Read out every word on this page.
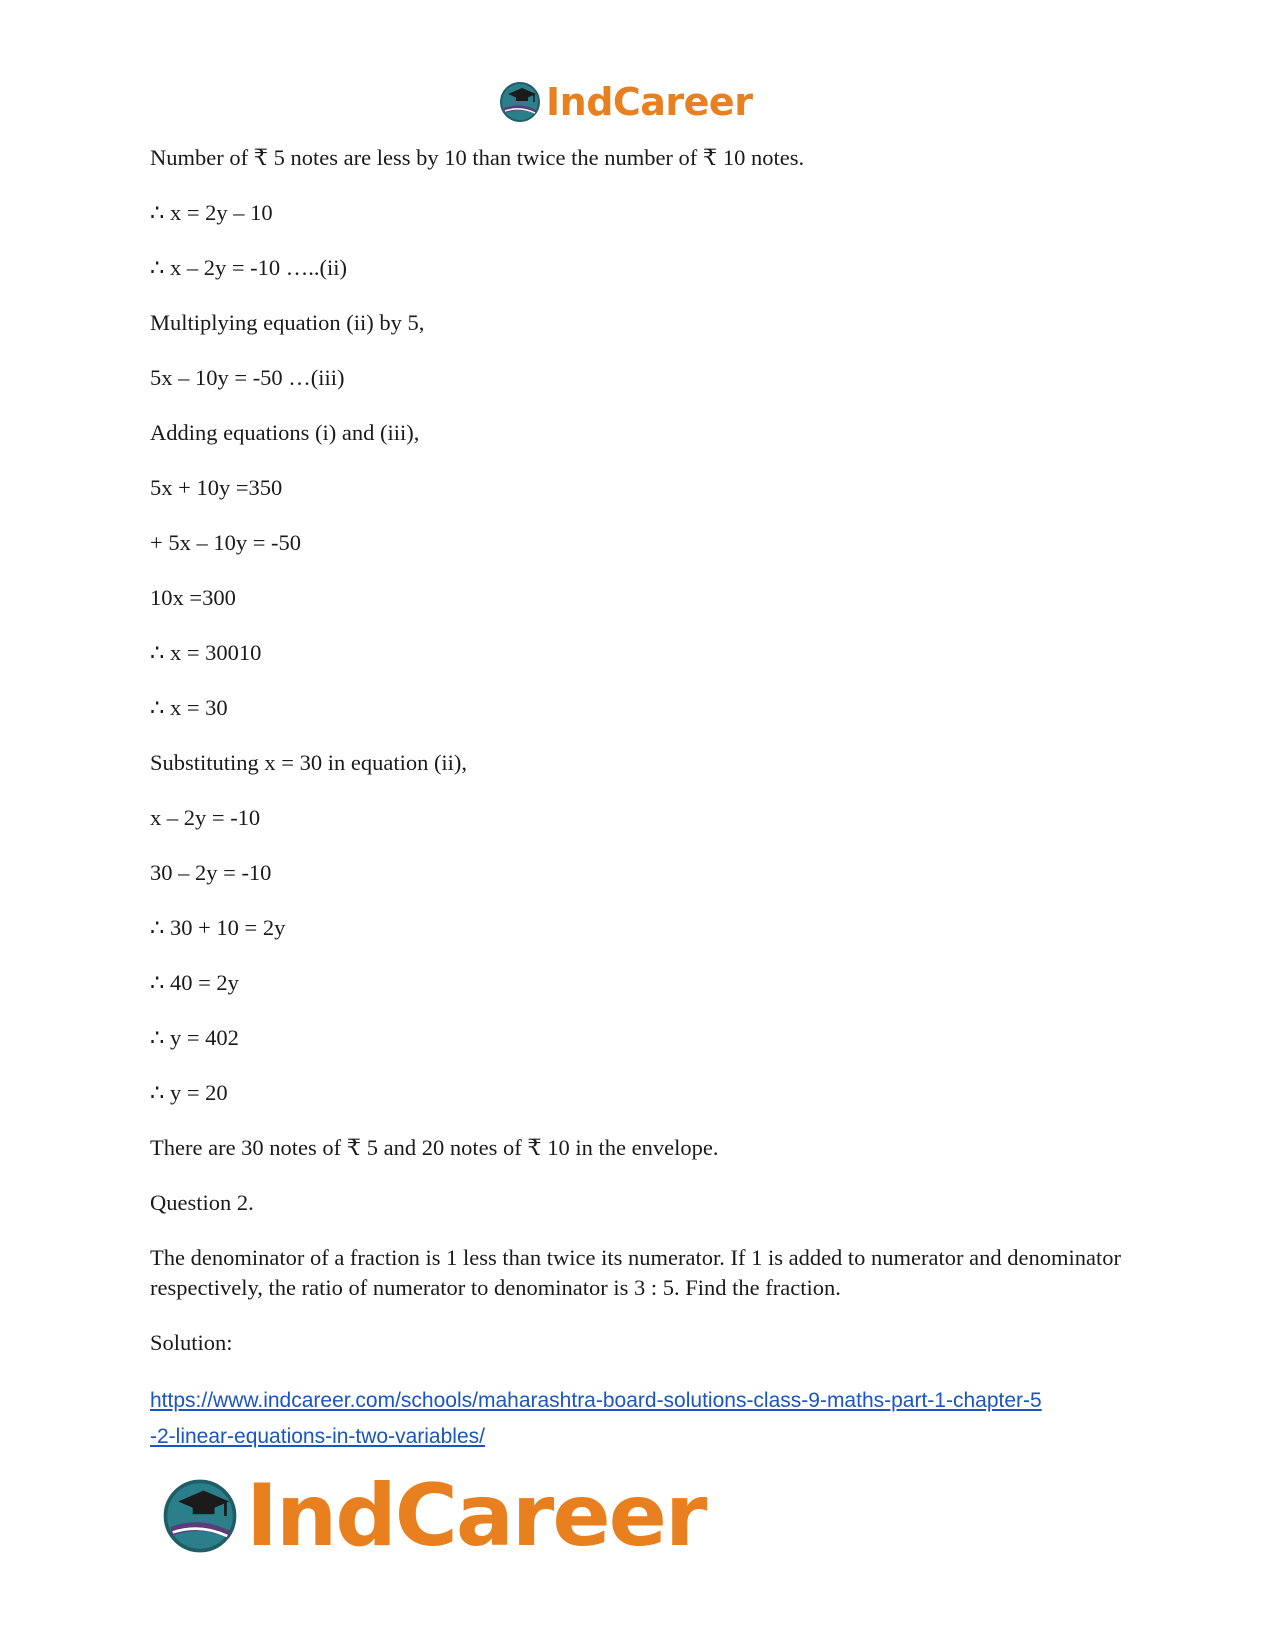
IndCareer

Number of ₹ 5 notes are less by 10 than twice the number of ₹ 10 notes.

∴ x = 2y – 10

∴ x – 2y = -10 …..(ii)

Multiplying equation (ii) by 5,

5x – 10y = -50 …(iii)

Adding equations (i) and (iii),

5x + 10y =350

+ 5x – 10y = -50

10x =300

∴ x = 30010

∴ x = 30

Substituting x = 30 in equation (ii),

x – 2y = -10

30 – 2y = -10

∴ 30 + 10 = 2y

∴ 40 = 2y

∴ y = 402

∴ y = 20

There are 30 notes of ₹ 5 and 20 notes of ₹ 10 in the envelope.

Question 2.

The denominator of a fraction is 1 less than twice its numerator. If 1 is added to numerator and denominator respectively, the ratio of numerator to denominator is 3 : 5. Find the fraction.

Solution:

https://www.indcareer.com/schools/maharashtra-board-solutions-class-9-maths-part-1-chapter-5
-2-linear-equations-in-two-variables/
IndCareer
